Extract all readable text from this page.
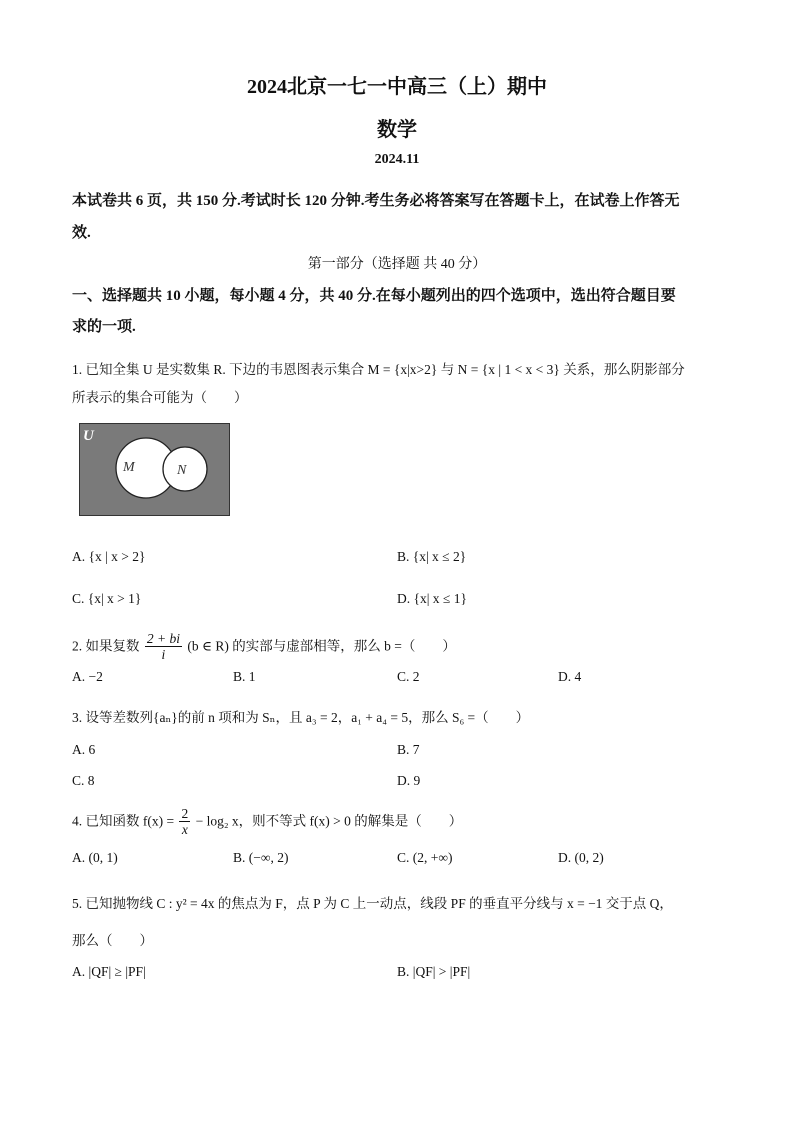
2024北京一七一中高三（上）期中
数学
2024.11
本试卷共 6 页，共 150 分.考试时长 120 分钟.考生务必将答案写在答题卡上，在试卷上作答无
效.
第一部分（选择题 共 40 分）
一、选择题共 10 小题，每小题 4 分，共 40 分.在每小题列出的四个选项中，选出符合题目要
求的一项.
1. 已知全集 U 是实数集 R. 下边的韦恩图表示集合 M = {x|x>2} 与 N = {x | 1 < x < 3} 关系，那么阴影部分
所表示的集合可能为（　　）
U
M	N
A. {x | x > 2}	B. {x| x ≤ 2}
C. {x| x > 1}	D. {x| x ≤ 1}
2. 如果复数 $\frac{2 + bi}{i} (b$ ∈ R) 的实部与虚部相等，那么 b =（　　）
A. −2	B. 1	C. 2	D. 4
3. 设等差数列{aₙ}的前 n 项和为 Sₙ，且 a₃ = 2，a₁ + a₄ = 5，那么 S₆ =（　　）
A. 6	B. 7
C. 8	D. 9
4. 已知函数 $f(x) = \frac{2}{x} - \log_2$ x，则不等式 f(x) > 0 的解集是（　　）
A. (0, 1)	B. (−∞, 2)	C. (2, +∞)	D. (0, 2)
5. 已知抛物线 C : y² = 4x 的焦点为 F，点 P 为 C 上一动点，线段 PF 的垂直平分线与 x = −1 交于点 Q，
那么（　　）
A. |QF| ≥ |PF|	B. |QF| > |PF|
